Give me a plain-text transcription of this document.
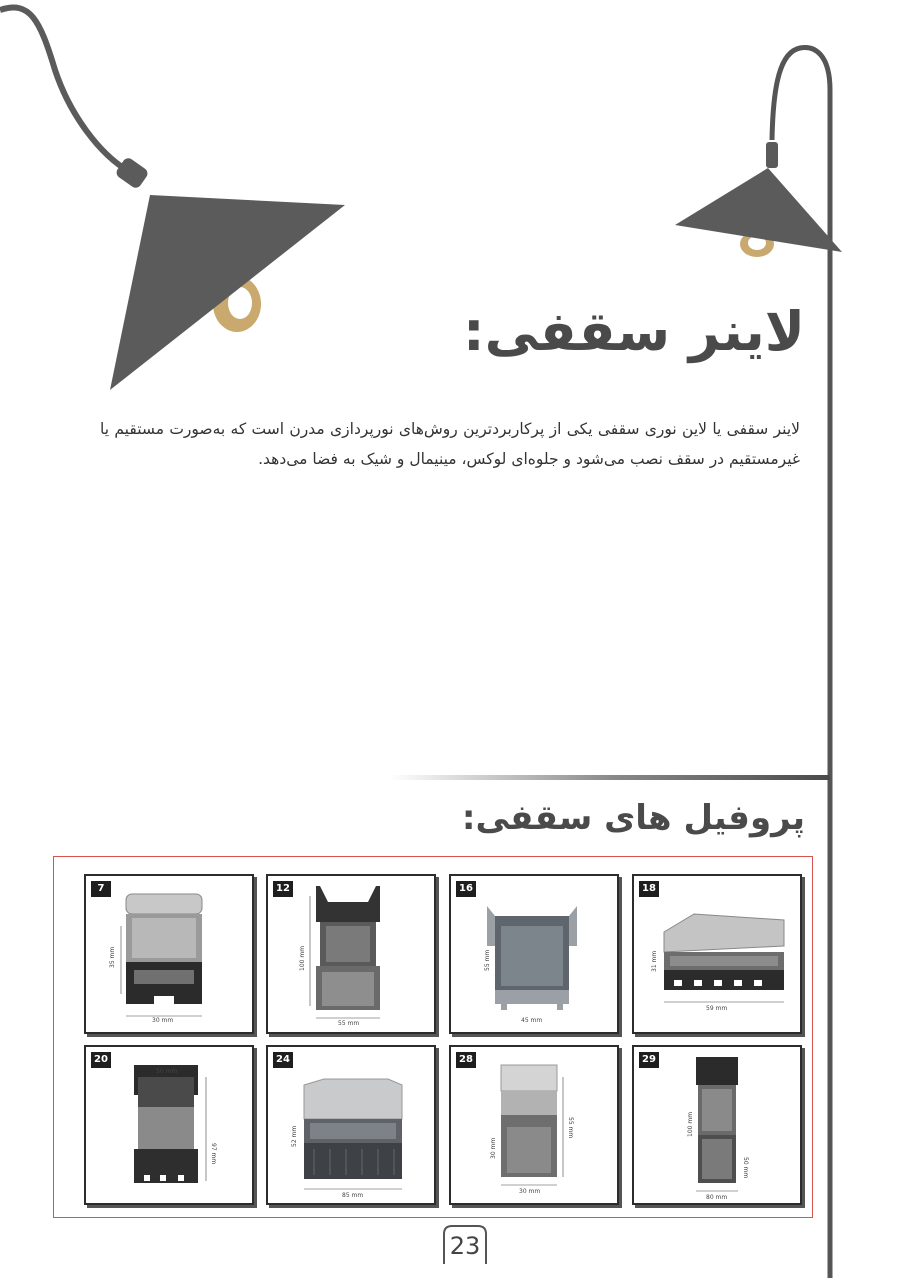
لاینر سقفی:

لاینر سقفی یا لاین نوری سقفی یکی از پرکاربردترین روش‌های نورپردازی مدرن است که به‌صورت مستقیم یا غیرمستقیم در سقف نصب می‌شود و جلوه‌ای لوکس، مینیمال و شیک به فضا می‌دهد.

پروفیل های سقفی:
35 mm
30 mm
7
100 mm
55 mm
12
55 mm
45 mm
16
31 mm
59 mm
18
50 mm
97 mm
20
52 mm
85 mm
24
30 mm
55 mm
30 mm
28
100 mm
50 mm
80 mm
29
23
